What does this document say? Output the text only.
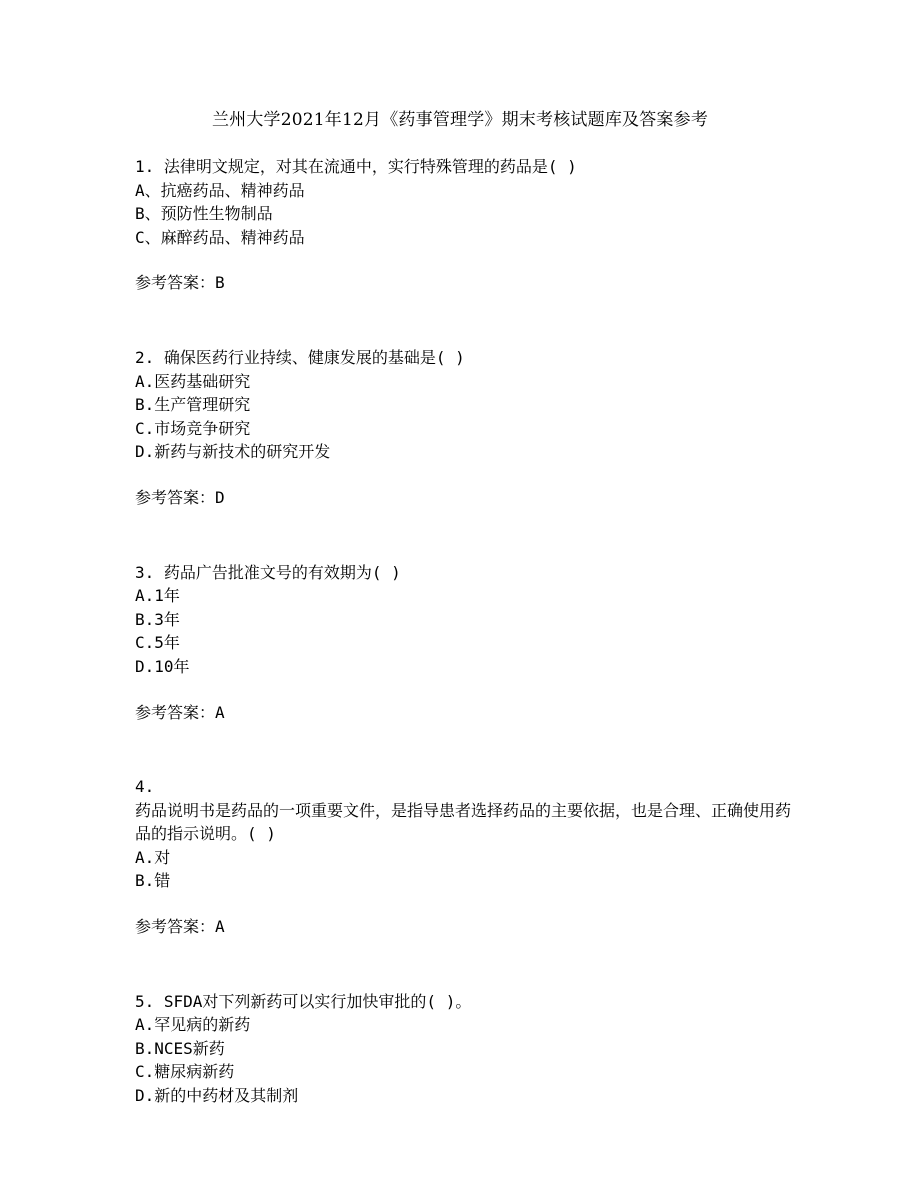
兰州大学2021年12月《药事管理学》期末考核试题库及答案参考
1. 法律明文规定，对其在流通中，实行特殊管理的药品是( )
A、抗癌药品、精神药品
B、预防性生物制品
C、麻醉药品、精神药品
参考答案：B
2. 确保医药行业持续、健康发展的基础是( )
A.医药基础研究
B.生产管理研究
C.市场竞争研究
D.新药与新技术的研究开发
参考答案：D
3. 药品广告批准文号的有效期为( )
A.1年
B.3年
C.5年
D.10年
参考答案：A
4.
药品说明书是药品的一项重要文件，是指导患者选择药品的主要依据，也是合理、正确使用药品的指示说明。( )
A.对
B.错
参考答案：A
5. SFDA对下列新药可以实行加快审批的( )。
A.罕见病的新药
B.NCES新药
C.糖尿病新药
D.新的中药材及其制剂
